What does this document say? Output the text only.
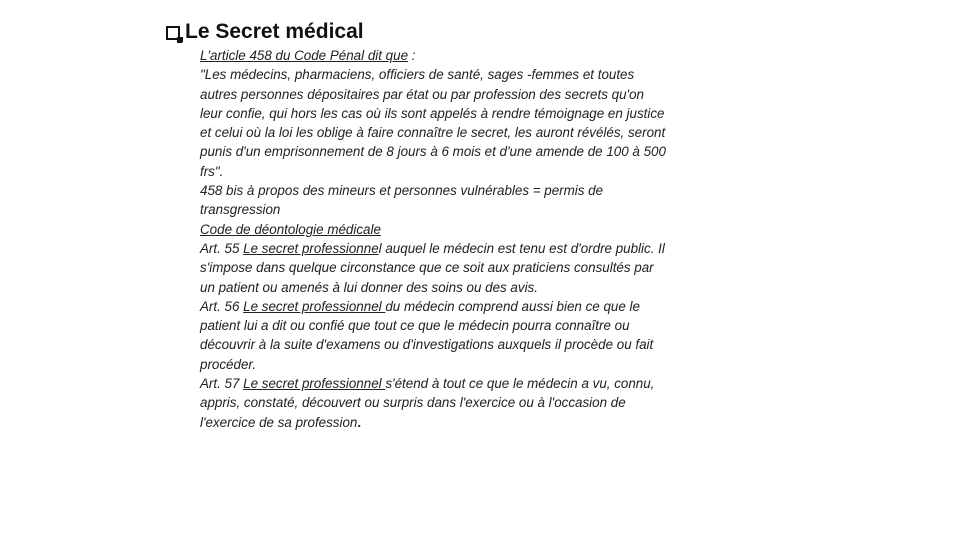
Le Secret médical
L'article 458 du Code Pénal dit que :
"Les médecins, pharmaciens, officiers de santé, sages -femmes et toutes
autres personnes dépositaires par état ou par profession des secrets qu'on
leur confie, qui hors les cas où ils sont appelés à rendre témoignage en justice
et celui où la loi les oblige à faire connaître le secret, les auront révélés, seront
punis d'un emprisonnement de 8 jours à 6 mois et d'une amende de 100 à 500
frs".
458 bis à propos des mineurs et personnes vulnérables = permis de
transgression
Code de déontologie médicale
Art. 55 Le secret professionnel auquel le médecin est tenu est d'ordre public. Il
s'impose dans quelque circonstance que ce soit aux praticiens consultés par
un patient ou amenés à lui donner des soins ou des avis.
Art. 56 Le secret professionnel du médecin comprend aussi bien ce que le
patient lui a dit ou confié que tout ce que le médecin pourra connaître ou
découvrir à la suite d'examens ou d'investigations auxquels il procède ou fait
procéder.
Art. 57 Le secret professionnel s'étend à tout ce que le médecin a vu, connu,
appris, constaté, découvert ou surpris dans l'exercice ou à l'occasion de
l'exercice de sa profession.
